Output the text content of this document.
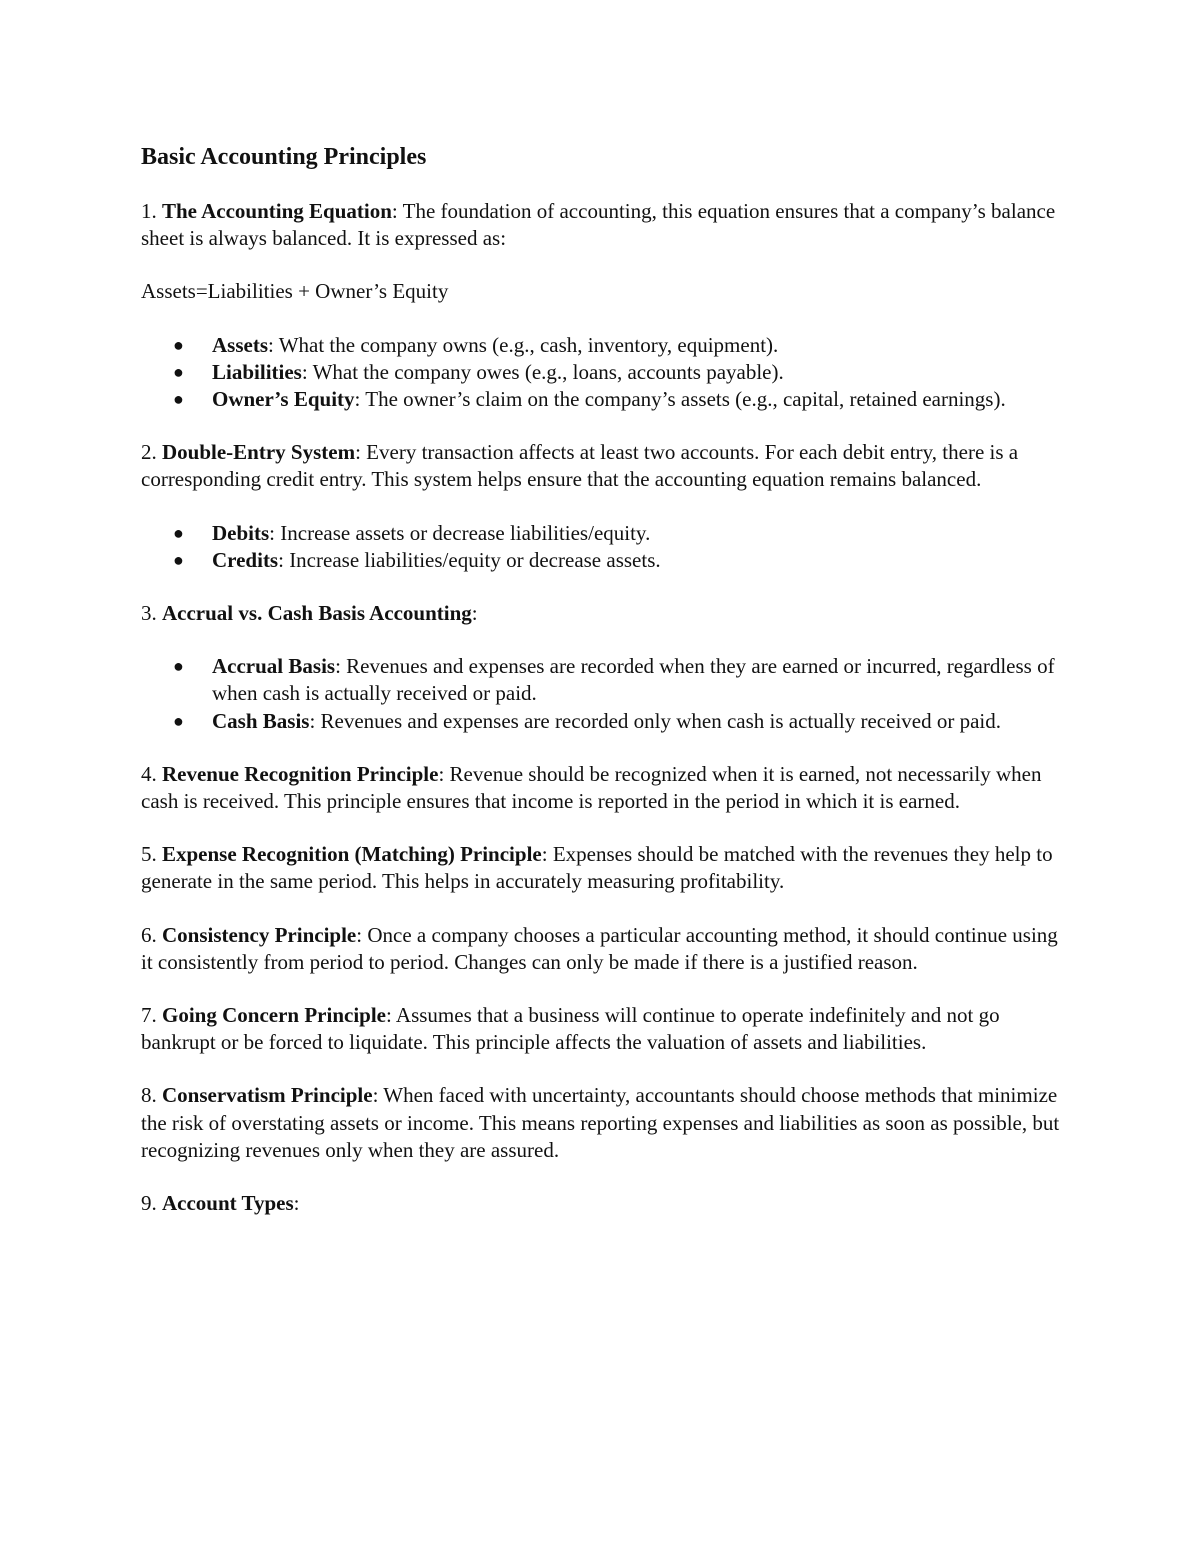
Basic Accounting Principles

1. The Accounting Equation: The foundation of accounting, this equation ensures that a company’s balance sheet is always balanced. It is expressed as:

Assets=Liabilities + Owner’s Equity
● Assets: What the company owns (e.g., cash, inventory, equipment).
● Liabilities: What the company owes (e.g., loans, accounts payable).
● Owner’s Equity: The owner’s claim on the company’s assets (e.g., capital, retained earnings).

2. Double-Entry System: Every transaction affects at least two accounts. For each debit entry, there is a corresponding credit entry. This system helps ensure that the accounting equation remains balanced.

● Debits: Increase assets or decrease liabilities/equity.
● Credits: Increase liabilities/equity or decrease assets.

3. Accrual vs. Cash Basis Accounting:

● Accrual Basis: Revenues and expenses are recorded when they are earned or incurred, regardless of when cash is actually received or paid.
● Cash Basis: Revenues and expenses are recorded only when cash is actually received or paid.

4. Revenue Recognition Principle: Revenue should be recognized when it is earned, not necessarily when cash is received. This principle ensures that income is reported in the period in which it is earned.

5. Expense Recognition (Matching) Principle: Expenses should be matched with the revenues they help to generate in the same period. This helps in accurately measuring profitability.

6. Consistency Principle: Once a company chooses a particular accounting method, it should continue using it consistently from period to period. Changes can only be made if there is a justified reason.

7. Going Concern Principle: Assumes that a business will continue to operate indefinitely and not go bankrupt or be forced to liquidate. This principle affects the valuation of assets and liabilities.

8. Conservatism Principle: When faced with uncertainty, accountants should choose methods that minimize the risk of overstating assets or income. This means reporting expenses and liabilities as soon as possible, but recognizing revenues only when they are assured.

9. Account Types:
